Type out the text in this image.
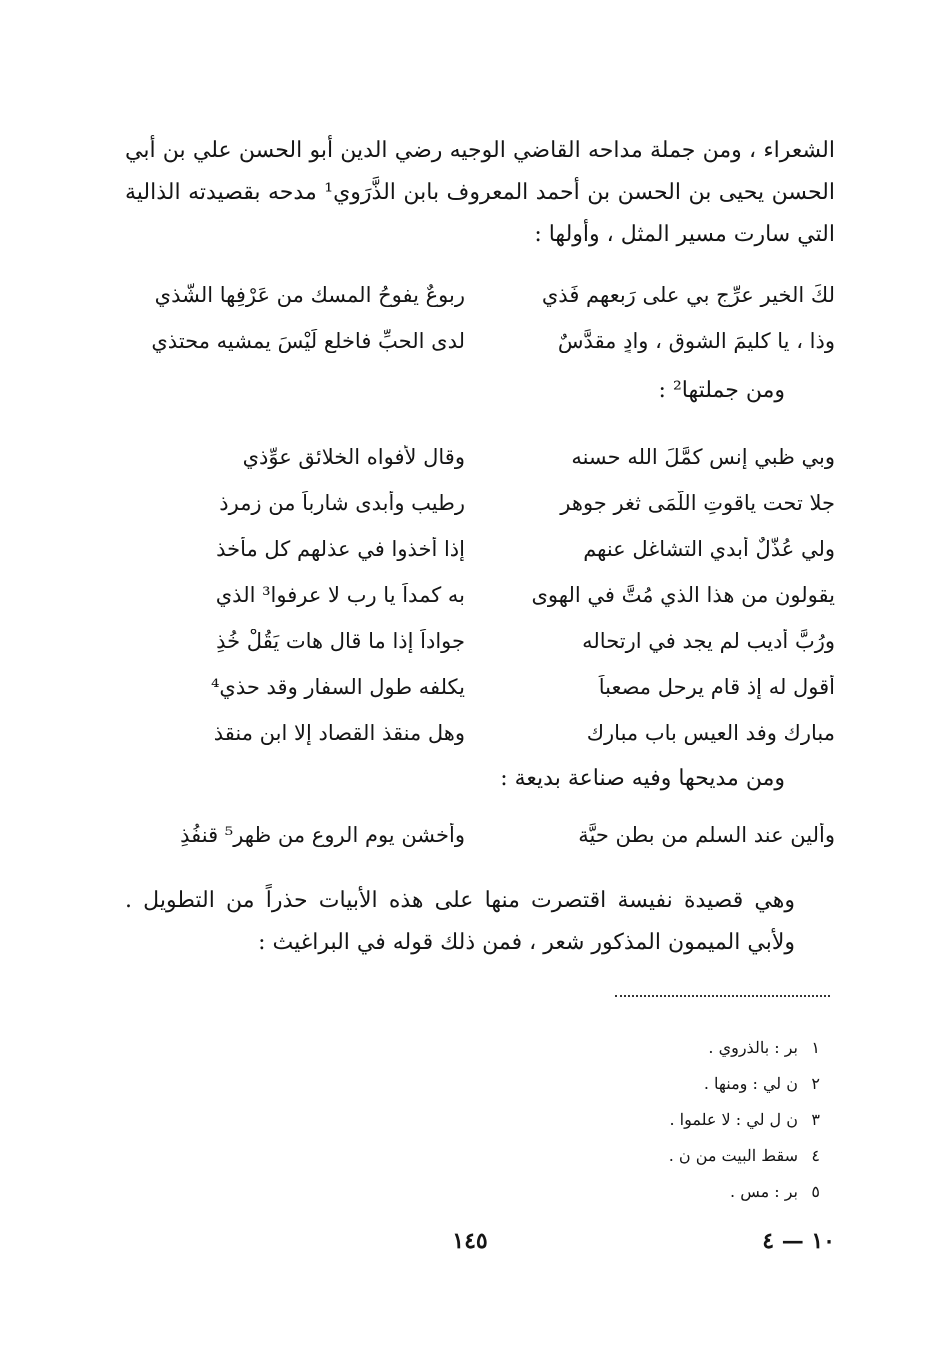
الشعراء ، ومن جملة مداحه القاضي الوجيه رضي الدين أبو الحسن علي بن أبي الحسن يحيى بن الحسن بن أحمد المعروف بابن الذَّرَوي¹ مدحه بقصيدته الذالية التي سارت مسير المثل ، وأولها :

لكَ الخير عرِّج بي على رَبعهِم فَذي
ربوعٌ يفوحُ المسك من عَرْفِها الشَّذي
وذا ، يا كليمَ الشوق ، وادٍ مقدَّسٌ
لدى الحبِّ فاخلع لَيْسَ يمشيه محتذي

ومن جملتها² :

وبي ظبي إنس كمَّلَ الله حسنه
وقال لأفواه الخلائق عوِّذي
جلا تحت ياقوتِ اللَّمَى ثغر جوهر
رطيب وأبدى شارباً من زمرذ
ولي عُذَّلٌ أبدي التشاغل عنهم
إذا أخذوا في عذلهم كل مأخذ
يقولون من هذا الذي مُتَّ في الهوى
به كمداً يا رب لا عرفوا³ الذي
ورُبَّ أديب لم يجد في ارتحاله
جواداً إذا ما قال هات يَقُلْ خُذِ
أقول له إذ قام يرحل مصعباً
يكلفه طول السفار وقد حذي⁴
مبارك وفد العيس باب مبارك
وهل منقذ القصاد إلا ابن منقذ

ومن مديحها وفيه صناعة بديعة :

وألين عند السلم من بطن حيَّة
وأخشن يوم الروع من ظهر⁵ قنفُذِ

وهي قصيدة نفيسة اقتصرت منها على هذه الأبيات حذراً من التطويل . ولأبي الميمون المذكور شعر ، فمن ذلك قوله في البراغيث :

١بر : بالذروي .
٢ن لي : ومنها .
٣ن ل لي : لا علموا .
٤سقط البيت من ن .
٥بر : مس .
١٠ — ٤
١٤٥
